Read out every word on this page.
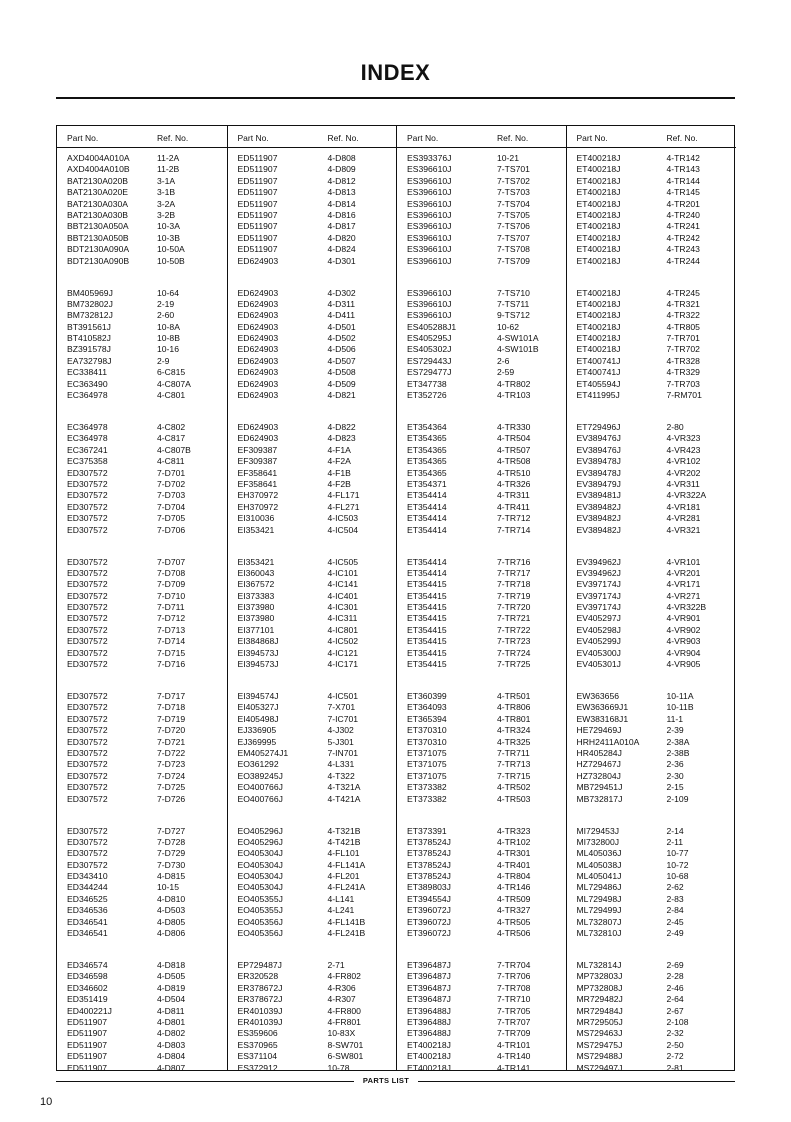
INDEX
Part No.	Ref. No.
AXD4004A010A	11-2A
AXD4004A010B	11-2B
BAT2130A020B	3-1A
BAT2130A020E	3-1B
BAT2130A030A	3-2A
BAT2130A030B	3-2B
BBT2130A050A	10-3A
BBT2130A050B	10-3B
BDT2130A090A	10-50A
BDT2130A090B	10-50B
BM405969J	10-64
BM732802J	2-19
BM732812J	2-60
BT391561J	10-8A
BT410582J	10-8B
BZ391578J	10-16
EA732798J	2-9
EC338411	6-C815
EC363490	4-C807A
EC364978	4-C801
EC364978	4-C802
EC364978	4-C817
EC367241	4-C807B
EC375358	4-C811
ED307572	7-D701
ED307572	7-D702
ED307572	7-D703
ED307572	7-D704
ED307572	7-D705
ED307572	7-D706
ED307572	7-D707
ED307572	7-D708
ED307572	7-D709
ED307572	7-D710
ED307572	7-D711
ED307572	7-D712
ED307572	7-D713
ED307572	7-D714
ED307572	7-D715
ED307572	7-D716
ED307572	7-D717
ED307572	7-D718
ED307572	7-D719
ED307572	7-D720
ED307572	7-D721
ED307572	7-D722
ED307572	7-D723
ED307572	7-D724
ED307572	7-D725
ED307572	7-D726
ED307572	7-D727
ED307572	7-D728
ED307572	7-D729
ED307572	7-D730
ED343410	4-D815
ED344244	10-15
ED346525	4-D810
ED346536	4-D503
ED346541	4-D805
ED346541	4-D806
ED346574	4-D818
ED346598	4-D505
ED346602	4-D819
ED351419	4-D504
ED400221J	4-D811
ED511907	4-D801
ED511907	4-D802
ED511907	4-D803
ED511907	4-D804
ED511907	4-D807
Part No.	Ref. No.
ED511907	4-D808
ED511907	4-D809
ED511907	4-D812
ED511907	4-D813
ED511907	4-D814
ED511907	4-D816
ED511907	4-D817
ED511907	4-D820
ED511907	4-D824
ED624903	4-D301
ED624903	4-D302
ED624903	4-D311
ED624903	4-D411
ED624903	4-D501
ED624903	4-D502
ED624903	4-D506
ED624903	4-D507
ED624903	4-D508
ED624903	4-D509
ED624903	4-D821
ED624903	4-D822
ED624903	4-D823
EF309387	4-F1A
EF309387	4-F2A
EF358641	4-F1B
EF358641	4-F2B
EH370972	4-FL171
EH370972	4-FL271
EI310036	4-IC503
EI353421	4-IC504
EI353421	4-IC505
EI360043	4-IC101
EI367572	4-IC141
EI373383	4-IC401
EI373980	4-IC301
EI373980	4-IC311
EI377101	4-IC801
EI384868J	4-IC502
EI394573J	4-IC121
EI394573J	4-IC171
EI394574J	4-IC501
EI405327J	7-X701
EI405498J	7-IC701
EJ336905	4-J302
EJ369995	5-J301
EM405274J1	7-IN701
EO361292	4-L331
EO389245J	4-T322
EO400766J	4-T321A
EO400766J	4-T421A
EO405296J	4-T321B
EO405296J	4-T421B
EO405304J	4-FL101
EO405304J	4-FL141A
EO405304J	4-FL201
EO405304J	4-FL241A
EO405355J	4-L141
EO405355J	4-L241
EO405356J	4-FL141B
EO405356J	4-FL241B
EP729487J	2-71
ER320528	4-FR802
ER378672J	4-R306
ER378672J	4-R307
ER401039J	4-FR800
ER401039J	4-FR801
ES359606	10-83X
ES370965	8-SW701
ES371104	6-SW801
ES372912	10-78
Part No.	Ref. No.
ES393376J	10-21
ES396610J	7-TS701
ES396610J	7-TS702
ES396610J	7-TS703
ES396610J	7-TS704
ES396610J	7-TS705
ES396610J	7-TS706
ES396610J	7-TS707
ES396610J	7-TS708
ES396610J	7-TS709
ES396610J	7-TS710
ES396610J	7-TS711
ES396610J	9-TS712
ES405288J1	10-62
ES405295J	4-SW101A
ES405302J	4-SW101B
ES729443J	2-6
ES729477J	2-59
ET347738	4-TR802
ET352726	4-TR103
ET354364	4-TR330
ET354365	4-TR504
ET354365	4-TR507
ET354365	4-TR508
ET354365	4-TR510
ET354371	4-TR326
ET354414	4-TR311
ET354414	4-TR411
ET354414	7-TR712
ET354414	7-TR714
ET354414	7-TR716
ET354414	7-TR717
ET354415	7-TR718
ET354415	7-TR719
ET354415	7-TR720
ET354415	7-TR721
ET354415	7-TR722
ET354415	7-TR723
ET354415	7-TR724
ET354415	7-TR725
ET360399	4-TR501
ET364093	4-TR806
ET365394	4-TR801
ET370310	4-TR324
ET370310	4-TR325
ET371075	7-TR711
ET371075	7-TR713
ET371075	7-TR715
ET373382	4-TR502
ET373382	4-TR503
ET373391	4-TR323
ET378524J	4-TR102
ET378524J	4-TR301
ET378524J	4-TR401
ET378524J	4-TR804
ET389803J	4-TR146
ET394554J	4-TR509
ET396072J	4-TR327
ET396072J	4-TR505
ET396072J	4-TR506
ET396487J	7-TR704
ET396487J	7-TR706
ET396487J	7-TR708
ET396487J	7-TR710
ET396488J	7-TR705
ET396488J	7-TR707
ET396488J	7-TR709
ET400218J	4-TR101
ET400218J	4-TR140
ET400218J	4-TR141
Part No.	Ref. No.
ET400218J	4-TR142
ET400218J	4-TR143
ET400218J	4-TR144
ET400218J	4-TR145
ET400218J	4-TR201
ET400218J	4-TR240
ET400218J	4-TR241
ET400218J	4-TR242
ET400218J	4-TR243
ET400218J	4-TR244
ET400218J	4-TR245
ET400218J	4-TR321
ET400218J	4-TR322
ET400218J	4-TR805
ET400218J	7-TR701
ET400218J	7-TR702
ET400741J	4-TR328
ET400741J	4-TR329
ET405594J	7-TR703
ET411995J	7-RM701
ET729496J	2-80
EV389476J	4-VR323
EV389476J	4-VR423
EV389478J	4-VR102
EV389478J	4-VR202
EV389479J	4-VR311
EV389481J	4-VR322A
EV389482J	4-VR181
EV389482J	4-VR281
EV389482J	4-VR321
EV394962J	4-VR101
EV394962J	4-VR201
EV397174J	4-VR171
EV397174J	4-VR271
EV397174J	4-VR322B
EV405297J	4-VR901
EV405298J	4-VR902
EV405299J	4-VR903
EV405300J	4-VR904
EV405301J	4-VR905
EW363656	10-11A
EW363669J1	10-11B
EW383168J1	11-1
HE729469J	2-39
HRH2411A010A	2-38A
HR405284J	2-38B
HZ729467J	2-36
HZ732804J	2-30
MB729451J	2-15
MB732817J	2-109
MI729453J	2-14
MI732800J	2-11
ML405036J	10-77
ML405038J	10-72
ML405041J	10-68
ML729486J	2-62
ML729498J	2-83
ML729499J	2-84
ML732807J	2-45
ML732810J	2-49
ML732814J	2-69
MP732803J	2-28
MP732808J	2-46
MR729482J	2-64
MR729484J	2-67
MR729505J	2-108
MS729463J	2-32
MS729475J	2-50
MS729488J	2-72
MS729497J	2-81
PARTS LIST
10
